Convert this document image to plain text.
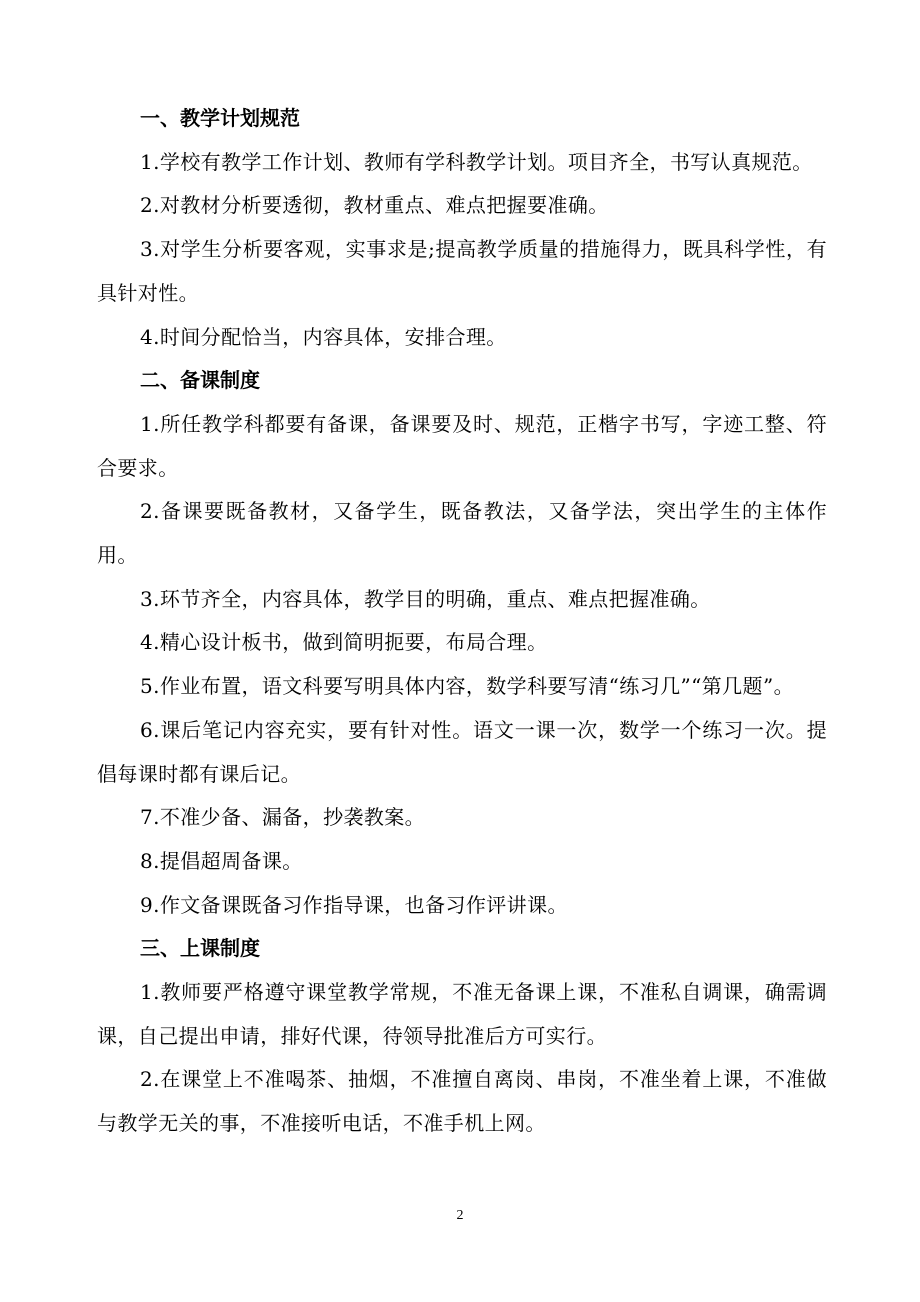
一、教学计划规范

1.学校有教学工作计划、教师有学科教学计划。项目齐全，书写认真规范。

2.对教材分析要透彻，教材重点、难点把握要准确。

3.对学生分析要客观，实事求是;提高教学质量的措施得力，既具科学性，有具针对性。

4.时间分配恰当，内容具体，安排合理。

二、备课制度

1.所任教学科都要有备课，备课要及时、规范，正楷字书写，字迹工整、符合要求。

2.备课要既备教材，又备学生，既备教法，又备学法，突出学生的主体作用。

3.环节齐全，内容具体，教学目的明确，重点、难点把握准确。

4.精心设计板书，做到简明扼要，布局合理。

5.作业布置，语文科要写明具体内容，数学科要写清“练习几”“第几题”。

6.课后笔记内容充实，要有针对性。语文一课一次，数学一个练习一次。提倡每课时都有课后记。

7.不准少备、漏备，抄袭教案。

8.提倡超周备课。

9.作文备课既备习作指导课，也备习作评讲课。

三、上课制度

1.教师要严格遵守课堂教学常规，不准无备课上课，不准私自调课，确需调课，自己提出申请，排好代课，待领导批准后方可实行。

2.在课堂上不准喝茶、抽烟，不准擅自离岗、串岗，不准坐着上课，不准做与教学无关的事，不准接听电话，不准手机上网。

2
